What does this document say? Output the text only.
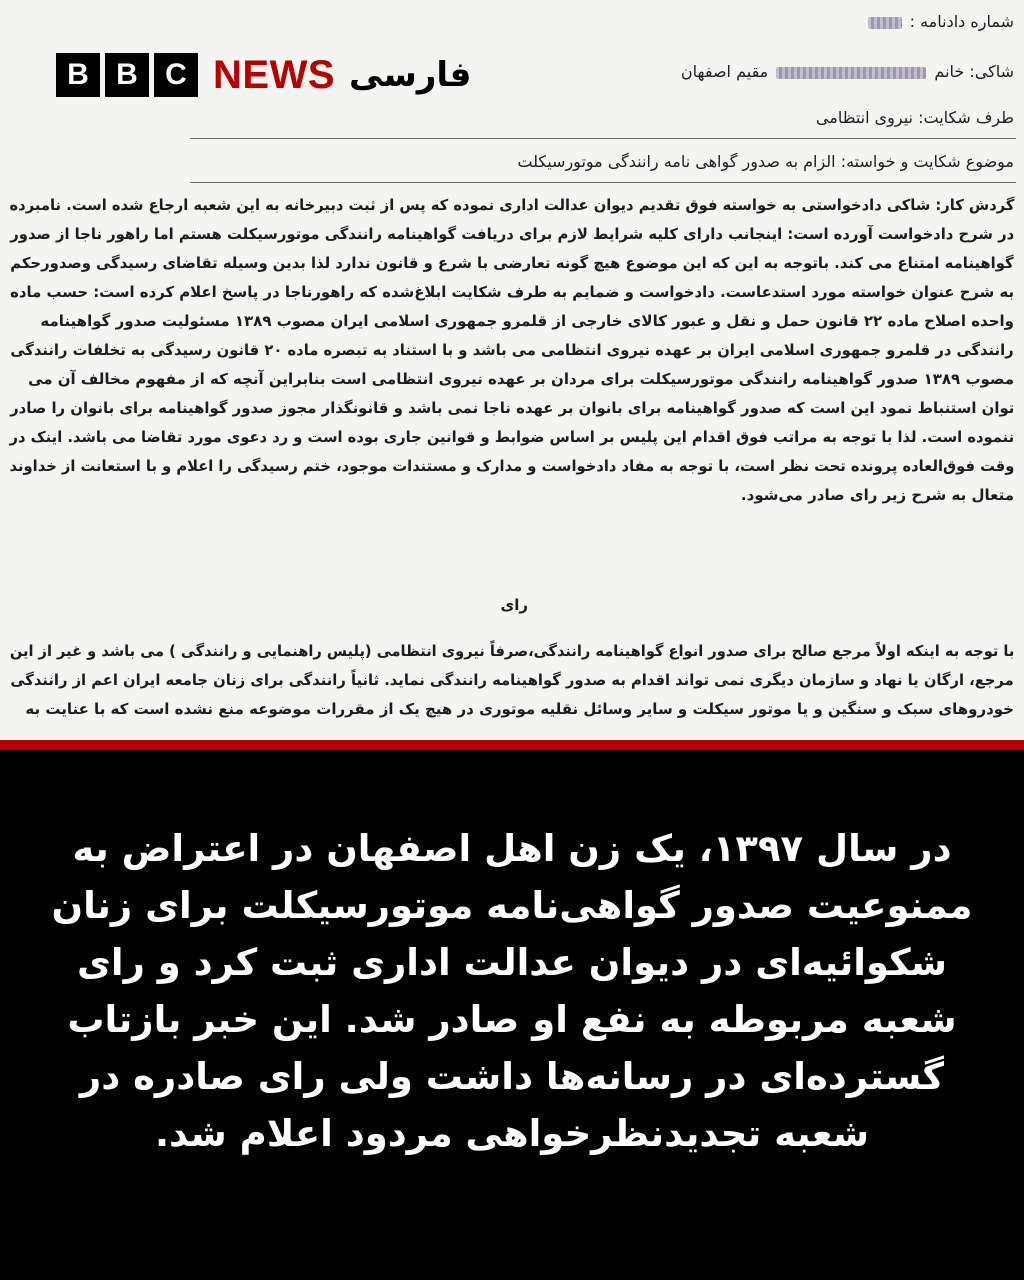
شماره دادنامه :
شاکی: خانم  مقیم اصفهان
طرف شکایت: نیروی انتظامی
موضوع شکایت و خواسته: الزام به صدور گواهی نامه رانندگی موتورسیکلت
گردش کار: شاکی دادخواستی به خواسته فوق تقدیم دیوان عدالت اداری نموده که پس از ثبت دبیرخانه به این شعبه ارجاع شده است. نامبرده
در شرح دادخواست آورده است: اینجانب دارای کلیه شرایط لازم برای دریافت گواهینامه رانندگی موتورسیکلت هستم اما راهور ناجا از صدور
گواهینامه امتناع می کند. باتوجه به این که این موضوع هیچ گونه تعارضی با شرع و قانون ندارد لذا بدین وسیله تقاضای رسیدگی وصدورحکم
به شرح عنوان خواسته مورد استدعاست. دادخواست و ضمایم به طرف شکایت ابلاغ‌شده که راهورناجا در پاسخ اعلام کرده است: حسب ماده
واحده اصلاح ماده ۲۲ قانون حمل و نقل و عبور کالای خارجی از قلمرو جمهوری اسلامی ایران مصوب ۱۳۸۹ مسئولیت صدور گواهینامه
رانندگی در قلمرو جمهوری اسلامی ایران بر عهده نیروی انتظامی می باشد و با استناد به تبصره ماده ۲۰ قانون رسیدگی به تخلفات رانندگی
مصوب ۱۳۸۹ صدور گواهینامه رانندگی موتورسیکلت برای مردان بر عهده نیروی انتظامی است بنابراین آنچه که از مفهوم مخالف آن می
توان استنباط نمود این است که صدور گواهینامه برای بانوان بر عهده ناجا نمی باشد و قانونگذار مجوز صدور گواهینامه برای بانوان را صادر
ننموده است. لذا با توجه به مراتب فوق اقدام این پلیس بر اساس ضوابط و قوانین جاری بوده است و رد دعوی مورد تقاضا می باشد. اینک در
وقت فوق‌العاده پرونده تحت نظر است، با توجه به مفاد دادخواست و مدارک و مستندات موجود، ختم رسیدگی را اعلام و با استعانت از خداوند
متعال به شرح زیر رای صادر می‌شود.
رای
با توجه به اینکه اولاً مرجع صالح برای صدور انواع گواهینامه رانندگی،صرفاً نیروی انتظامی (پلیس راهنمایی و رانندگی ) می باشد و غیر از این
مرجع، ارگان یا نهاد و سازمان دیگری نمی تواند اقدام به صدور گواهینامه رانندگی نماید. ثانیاً رانندگی برای زنان جامعه ایران اعم از رانندگی
خودروهای سبک و سنگین و یا موتور سیکلت و سایر وسائل نقلیه موتوری در هیچ یک از مقررات موضوعه منع نشده است که با عنایت به
B B C NEWS فارسی
در سال ۱۳۹۷، یک زن اهل اصفهان در اعتراض به ممنوعیت صدور گواهی‌نامه موتورسیکلت برای زنان شکوائیه‌ای در دیوان عدالت اداری ثبت کرد و رای شعبه مربوطه به نفع او صادر شد. این خبر بازتاب گسترده‌ای در رسانه‌ها داشت ولی رای صادره در شعبه تجدیدنظرخواهی مردود اعلام شد.
